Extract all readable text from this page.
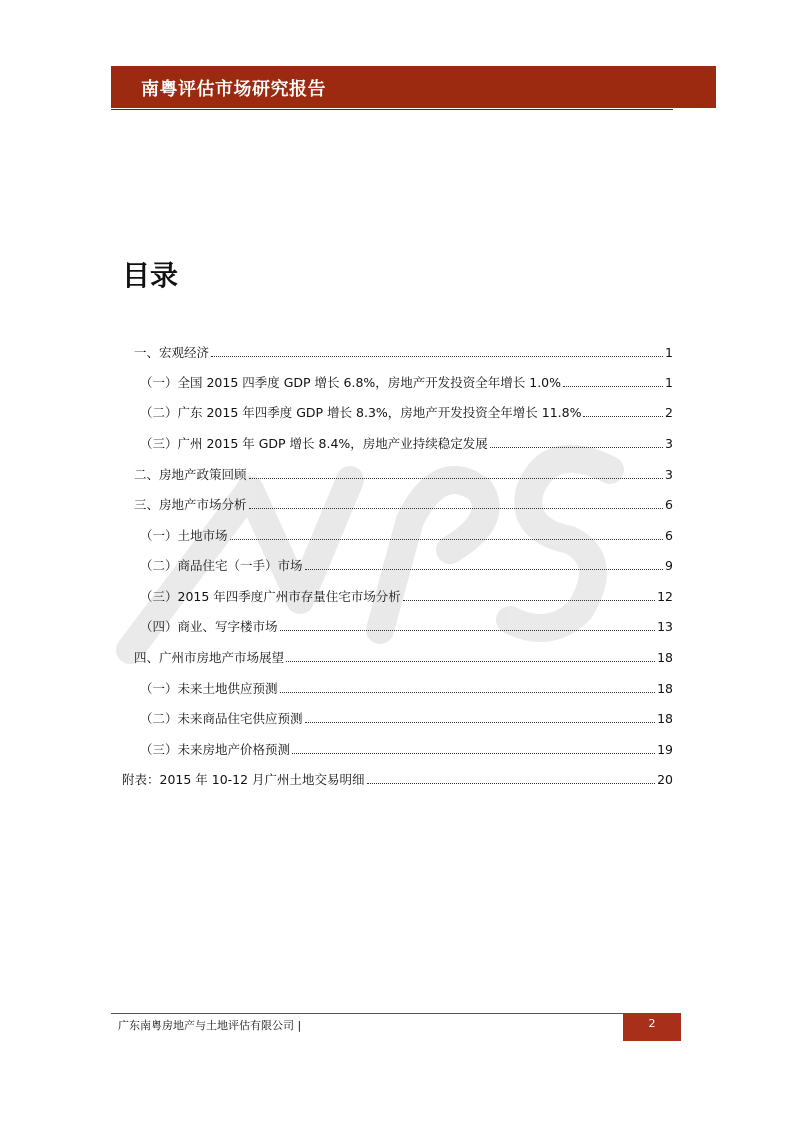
南粤评估市场研究报告
目录
一、宏观经济	1
（一）全国 2015 四季度 GDP 增长 6.8%，房地产开发投资全年增长 1.0%	1
（二）广东 2015 年四季度 GDP 增长 8.3%，房地产开发投资全年增长 11.8%	2
（三）广州 2015 年 GDP 增长 8.4%，房地产业持续稳定发展	3
二、房地产政策回顾	3
三、房地产市场分析	6
（一）土地市场	6
（二）商品住宅（一手）市场	9
（三）2015 年四季度广州市存量住宅市场分析	12
（四）商业、写字楼市场	13
四、广州市房地产市场展望	18
（一）未来土地供应预测	18
（二）未来商品住宅供应预测	18
（三）未来房地产价格预测	19
附表：2015 年 10-12 月广州土地交易明细	20
广东南粤房地产与土地评估有限公司 |	2
